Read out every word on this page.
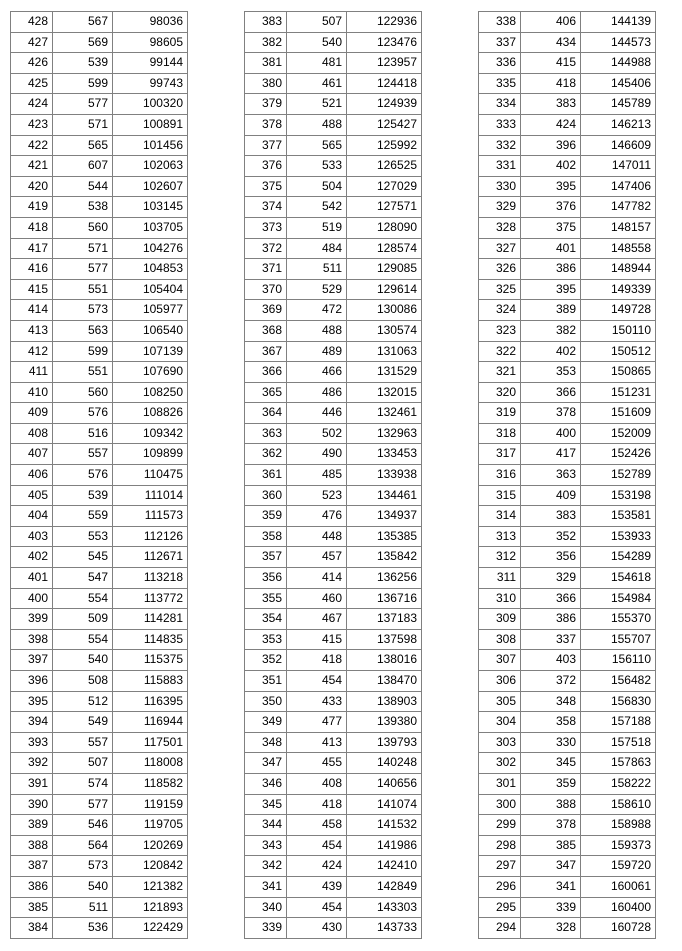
428	567	98036
427	569	98605
426	539	99144
425	599	99743
424	577	100320
423	571	100891
422	565	101456
421	607	102063
420	544	102607
419	538	103145
418	560	103705
417	571	104276
416	577	104853
415	551	105404
414	573	105977
413	563	106540
412	599	107139
411	551	107690
410	560	108250
409	576	108826
408	516	109342
407	557	109899
406	576	110475
405	539	111014
404	559	111573
403	553	112126
402	545	112671
401	547	113218
400	554	113772
399	509	114281
398	554	114835
397	540	115375
396	508	115883
395	512	116395
394	549	116944
393	557	117501
392	507	118008
391	574	118582
390	577	119159
389	546	119705
388	564	120269
387	573	120842
386	540	121382
385	511	121893
384	536	122429
383	507	122936
382	540	123476
381	481	123957
380	461	124418
379	521	124939
378	488	125427
377	565	125992
376	533	126525
375	504	127029
374	542	127571
373	519	128090
372	484	128574
371	511	129085
370	529	129614
369	472	130086
368	488	130574
367	489	131063
366	466	131529
365	486	132015
364	446	132461
363	502	132963
362	490	133453
361	485	133938
360	523	134461
359	476	134937
358	448	135385
357	457	135842
356	414	136256
355	460	136716
354	467	137183
353	415	137598
352	418	138016
351	454	138470
350	433	138903
349	477	139380
348	413	139793
347	455	140248
346	408	140656
345	418	141074
344	458	141532
343	454	141986
342	424	142410
341	439	142849
340	454	143303
339	430	143733
338	406	144139
337	434	144573
336	415	144988
335	418	145406
334	383	145789
333	424	146213
332	396	146609
331	402	147011
330	395	147406
329	376	147782
328	375	148157
327	401	148558
326	386	148944
325	395	149339
324	389	149728
323	382	150110
322	402	150512
321	353	150865
320	366	151231
319	378	151609
318	400	152009
317	417	152426
316	363	152789
315	409	153198
314	383	153581
313	352	153933
312	356	154289
311	329	154618
310	366	154984
309	386	155370
308	337	155707
307	403	156110
306	372	156482
305	348	156830
304	358	157188
303	330	157518
302	345	157863
301	359	158222
300	388	158610
299	378	158988
298	385	159373
297	347	159720
296	341	160061
295	339	160400
294	328	160728
